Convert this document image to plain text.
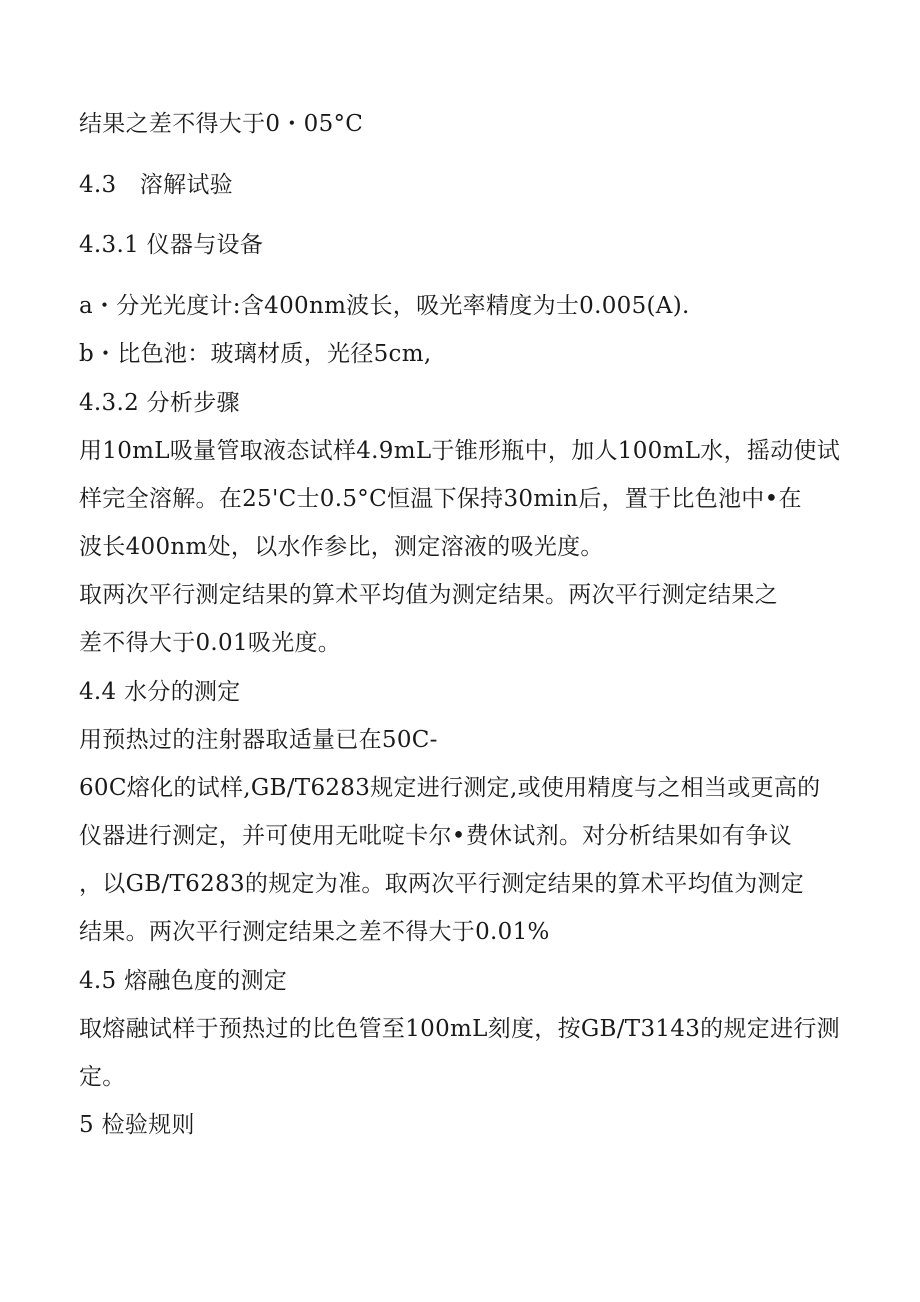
结果之差不得大于0・05°C

4.3　溶解试验

4.3.1 仪器与设备

a・分光光度计:含400nm波长，吸光率精度为士0.005(A).

b・比色池：玻璃材质，光径5cm,

4.3.2 分析步骤

用10mL吸量管取液态试样4.9mL于锥形瓶中，加人100mL水，摇动使试

样完全溶解。在25'C士0.5°C恒温下保持30min后，置于比色池中•在

波长400nm处，以水作参比，测定溶液的吸光度。

取两次平行测定结果的算术平均值为测定结果。两次平行测定结果之

差不得大于0.01吸光度。

4.4 水分的测定

用预热过的注射器取适量已在50C-

60C熔化的试样,GB/T6283规定进行测定,或使用精度与之相当或更高的

仪器进行测定，并可使用无吡啶卡尔•费休试剂。对分析结果如有争议

，以GB/T6283的规定为准。取两次平行测定结果的算术平均值为测定

结果。两次平行测定结果之差不得大于0.01%

4.5 熔融色度的测定

取熔融试样于预热过的比色管至100mL刻度，按GB/T3143的规定进行测

定。

5 检验规则
